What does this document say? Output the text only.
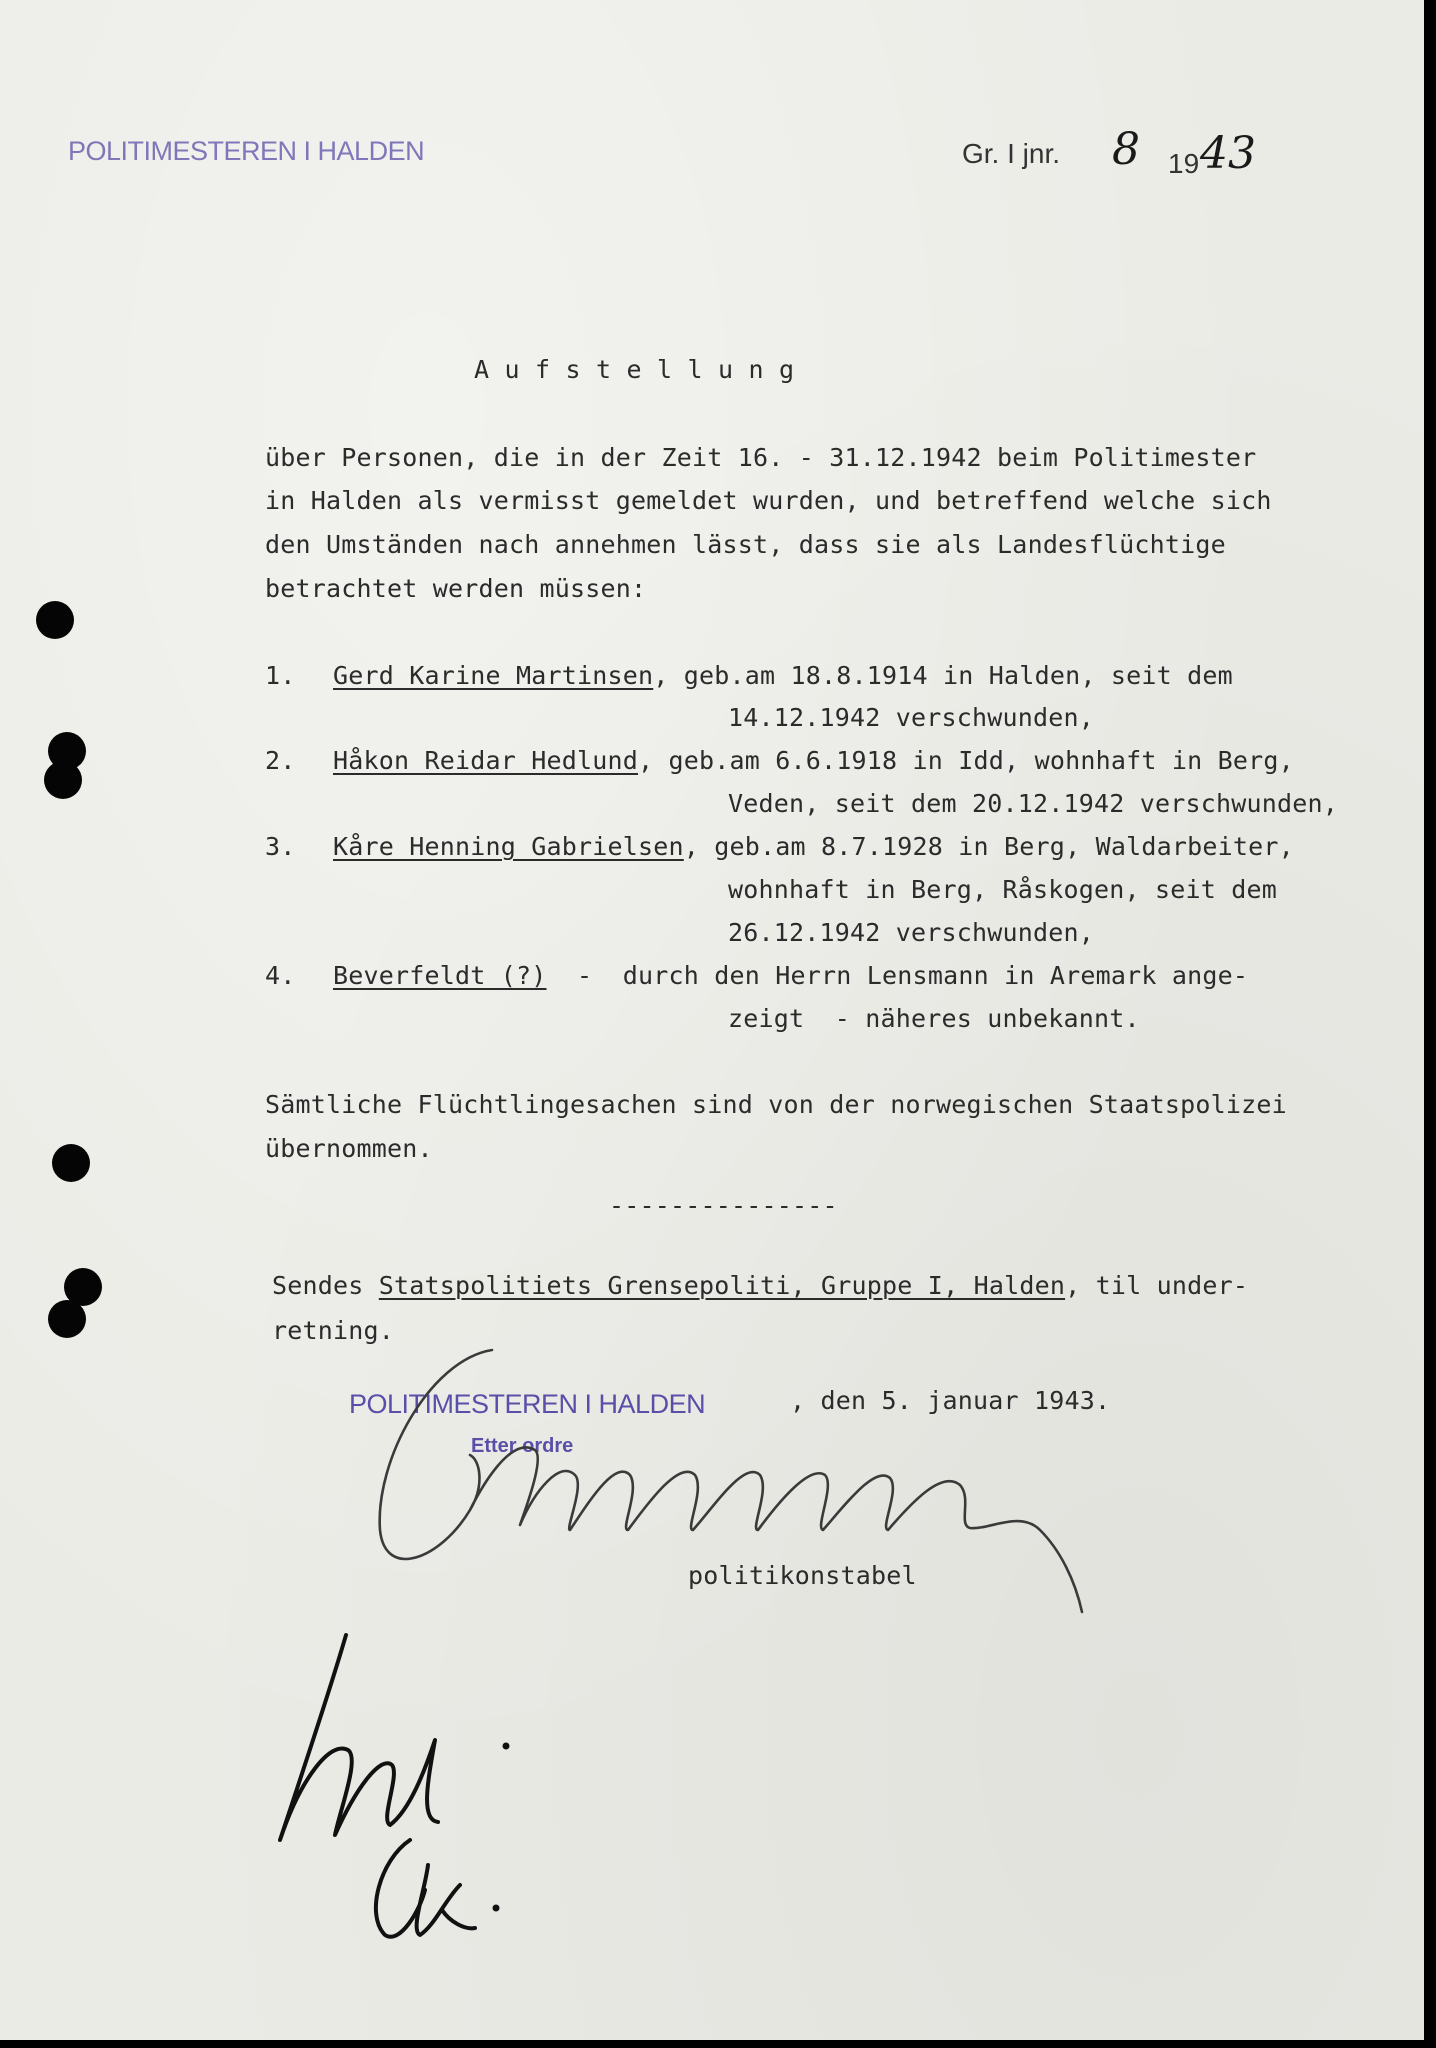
POLITIMESTEREN I HALDEN	Gr. I jnr. 8 19 43
A u f s t e l l u n g
über Personen, die in der Zeit 16. - 31.12.1942 beim Politimester
in Halden als vermisst gemeldet wurden, und betreffend welche sich
den Umständen nach annehmen lässt, dass sie als Landesflüchtige
betrachtet werden müssen:
1. Gerd Karine Martinsen, geb.am 18.8.1914 in Halden, seit dem
14.12.1942 verschwunden,
2. Håkon Reidar Hedlund, geb.am 6.6.1918 in Idd, wohnhaft in Berg,
Veden, seit dem 20.12.1942 verschwunden,
3. Kåre Henning Gabrielsen, geb.am 8.7.1928 in Berg, Waldarbeiter,
wohnhaft in Berg, Råskogen, seit dem
26.12.1942 verschwunden,
4. Beverfeldt (?)  -  durch den Herrn Lensmann in Aremark ange-
zeigt  - näheres unbekannt.
Sämtliche Flüchtlingesachen sind von der norwegischen Staatspolizei
übernommen.
---------------
Sendes Statspolitiets Grensepoliti, Gruppe I, Halden, til under-
retning.
POLITIMESTEREN I HALDEN
Etter ordre
, den 5. januar 1943.
politikonstabel
